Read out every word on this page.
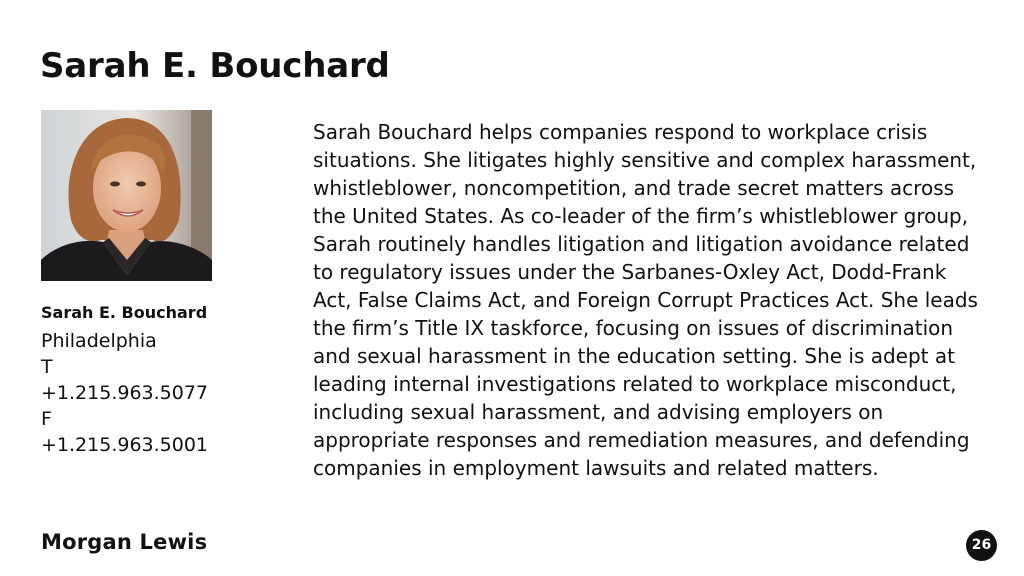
Sarah E. Bouchard
Sarah E. Bouchard
Philadelphia
T
+1.215.963.5077
F
+1.215.963.5001

Sarah Bouchard helps companies respond to workplace crisis situations. She litigates highly sensitive and complex harassment, whistleblower, noncompetition, and trade secret matters across the United States. As co-leader of the firm’s whistleblower group, Sarah routinely handles litigation and litigation avoidance related to regulatory issues under the Sarbanes-Oxley Act, Dodd-Frank Act, False Claims Act, and Foreign Corrupt Practices Act. She leads the firm’s Title IX taskforce, focusing on issues of discrimination and sexual harassment in the education setting. She is adept at leading internal investigations related to workplace misconduct, including sexual harassment, and advising employers on appropriate responses and remediation measures, and defending companies in employment lawsuits and related matters.

Morgan Lewis	26
